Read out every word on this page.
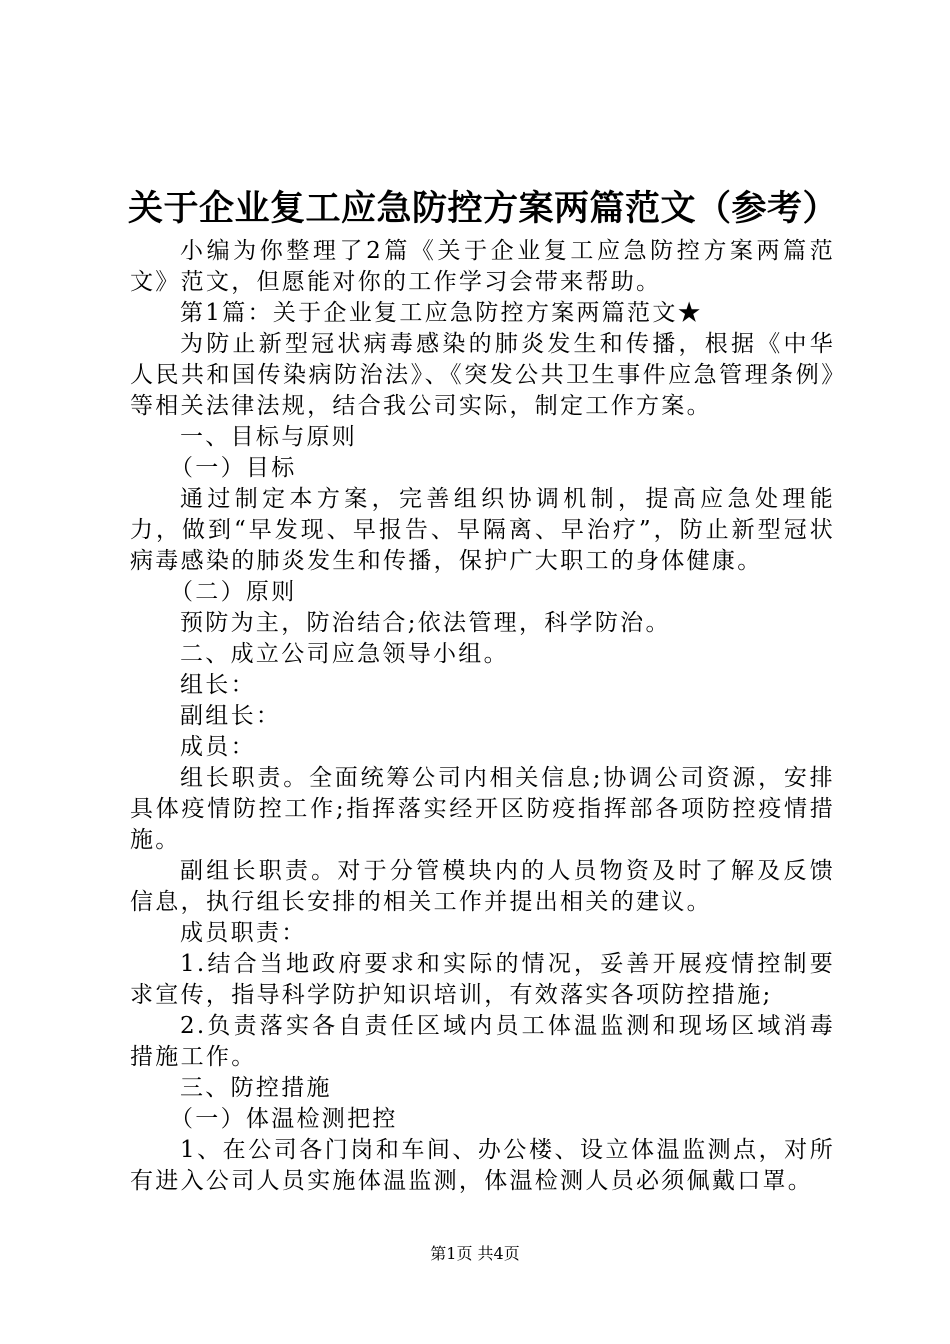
关于企业复工应急防控方案两篇范文（参考）

小编为你整理了2篇《关于企业复工应急防控方案两篇范文》范文，但愿能对你的工作学习会带来帮助。

第1篇：关于企业复工应急防控方案两篇范文★

为防止新型冠状病毒感染的肺炎发生和传播，根据《中华人民共和国传染病防治法》、《突发公共卫生事件应急管理条例》等相关法律法规，结合我公司实际，制定工作方案。

一、目标与原则

（一）目标

通过制定本方案，完善组织协调机制，提高应急处理能力，做到“早发现、早报告、早隔离、早治疗”，防止新型冠状病毒感染的肺炎发生和传播，保护广大职工的身体健康。

（二）原则

预防为主，防治结合;依法管理，科学防治。

二、成立公司应急领导小组。

组长：

副组长：

成员：

组长职责。全面统筹公司内相关信息;协调公司资源，安排具体疫情防控工作;指挥落实经开区防疫指挥部各项防控疫情措施。

副组长职责。对于分管模块内的人员物资及时了解及反馈信息，执行组长安排的相关工作并提出相关的建议。

成员职责：

1.结合当地政府要求和实际的情况，妥善开展疫情控制要求宣传，指导科学防护知识培训，有效落实各项防控措施;

2.负责落实各自责任区域内员工体温监测和现场区域消毒措施工作。

三、防控措施

（一）体温检测把控

1、在公司各门岗和车间、办公楼、设立体温监测点，对所有进入公司人员实施体温监测，体温检测人员必须佩戴口罩。

第1页 共4页
